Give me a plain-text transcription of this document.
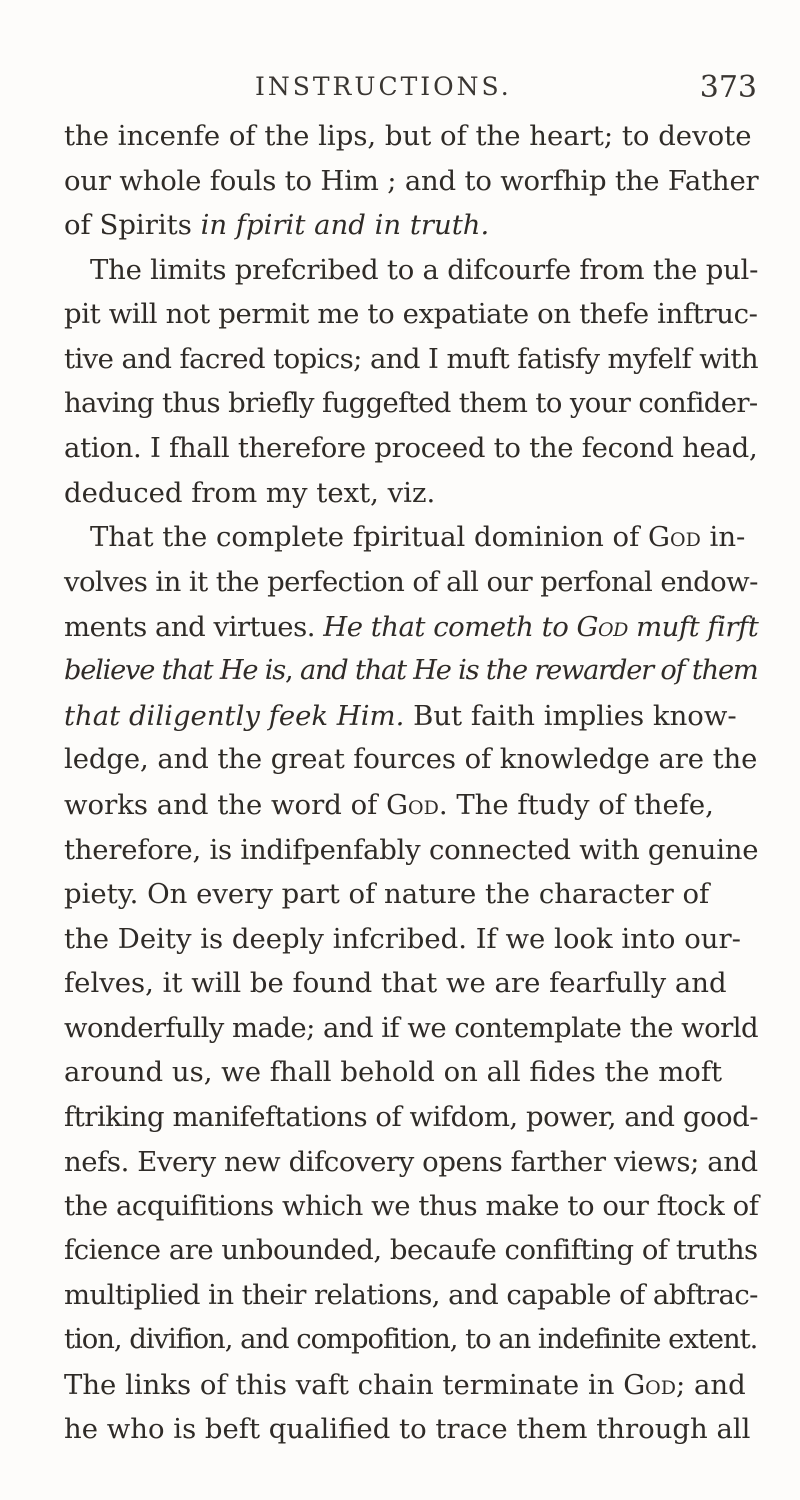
INSTRUCTIONS.	373
the incenfe of the lips, but of the heart; to devote
our whole fouls to Him ; and to worfhip the Father
of Spirits in fpirit and in truth.
The limits prefcribed to a difcourfe from the pul-
pit will not permit me to expatiate on thefe inftruc-
tive and facred topics; and I muft fatisfy myfelf with
having thus briefly fuggefted them to your confider-
ation. I fhall therefore proceed to the fecond head,
deduced from my text, viz.
That the complete fpiritual dominion of God in-
volves in it the perfection of all our perfonal endow-
ments and virtues. He that cometh to God muft firft
believe that He is, and that He is the rewarder of them
that diligently feek Him. But faith implies know-
ledge, and the great fources of knowledge are the
works and the word of God. The ftudy of thefe,
therefore, is indifpenfably connected with genuine
piety. On every part of nature the character of
the Deity is deeply infcribed. If we look into our-
felves, it will be found that we are fearfully and
wonderfully made; and if we contemplate the world
around us, we fhall behold on all fides the moft
ftriking manifeftations of wifdom, power, and good-
nefs. Every new difcovery opens farther views; and
the acquifitions which we thus make to our ftock of
fcience are unbounded, becaufe confifting of truths
multiplied in their relations, and capable of abftrac-
tion, divifion, and compofition, to an indefinite extent.
The links of this vaft chain terminate in God; and
he who is beft qualified to trace them through all
